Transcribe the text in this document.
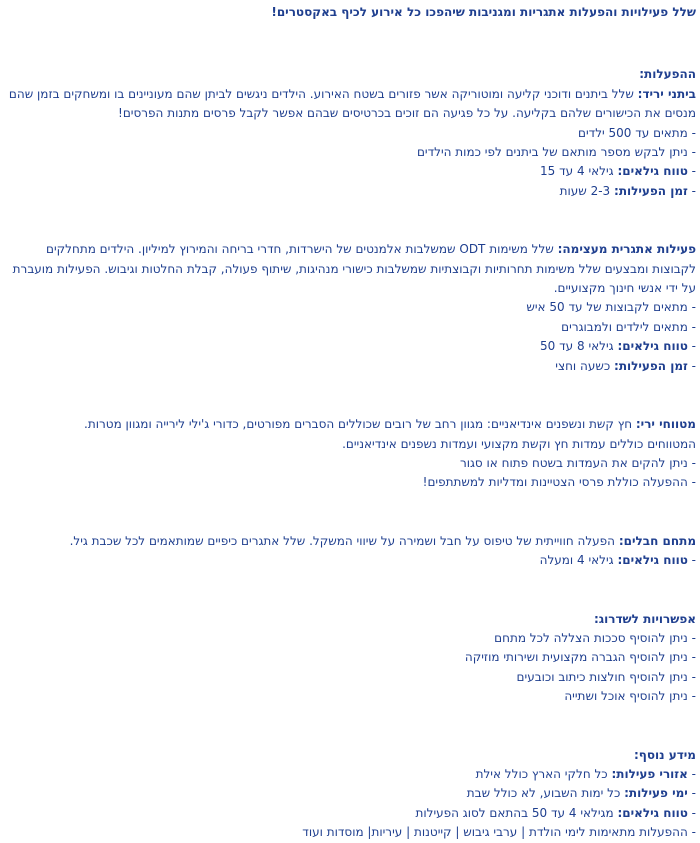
שלל פעילויות והפעלות אתגריות ומגניבות שיהפכו כל אירוע לכיף באקסטרים!

ההפעלות:

ביתני יריד: שלל ביתנים ודוכני קליעה ומוטוריקה אשר פזורים בשטח האירוע. הילדים ניגשים לביתן שהם מעוניינים בו ומשחקים בזמן שהם מנסים את הכישורים שלהם בקליעה. על כל פגיעה הם זוכים בכרטיסים שבהם אפשר לקבל פרסים מתנות הפרסים!

- מתאים עד 500 ילדים

- ניתן לבקש מספר מותאם של ביתנים לפי כמות הילדים

- טווח גילאים: גילאי 4 עד 15

- זמן הפעילות: 2-3 שעות

פעילות אתגרית מעצימה: שלל משימות ODT שמשלבות אלמנטים של הישרדות, חדרי בריחה והמירוץ למיליון. הילדים מתחלקים לקבוצות ומבצעים שלל משימות תחרותיות וקבוצתיות שמשלבות כישורי מנהיגות, שיתוף פעולה, קבלת החלטות וגיבוש. הפעילות מועברת על ידי אנשי חינוך מקצועיים.

- מתאים לקבוצות של עד 50 איש

- מתאים לילדים ולמבוגרים

- טווח גילאים: גילאי 8 עד 50

- זמן הפעילות: כשעה וחצי

מטווחי ירי: חץ קשת ונשפנים אינדיאניים: מגוון רחב של רובים שכוללים הסברים מפורטים, כדורי ג'ילי לירייה ומגוון מטרות.

המטווחים כוללים עמדות חץ וקשת מקצועי ועמדות נשפנים אינדיאניים.

- ניתן להקים את העמדות בשטח פתוח או סגור

- ההפעלה כוללת פרסי הצטיינות ומדליות למשתתפים!

מתחם חבלים: הפעלה חווייתית של טיפוס על חבל ושמירה על שיווי המשקל. שלל אתגרים כיפיים שמותאמים לכל שכבת גיל.

- טווח גילאים: גילאי 4 ומעלה

אפשרויות לשדרוג:

- ניתן להוסיף סככות הצללה לכל מתחם

- ניתן להוסיף הגברה מקצועית ושירותי מוזיקה

- ניתן להוסיף חולצות כיתוב וכובעים

- ניתן להוסיף אוכל ושתייה

מידע נוסף:

- אזורי פעילות: כל חלקי הארץ כולל אילת

- ימי פעילות: כל ימות השבוע, לא כולל שבת

- טווח גילאים: מגילאי 4 עד 50 בהתאם לסוג הפעילות

- ההפעלות מתאימות לימי הולדת | ערבי גיבוש | קייטנות | עיריות| מוסדות ועוד
